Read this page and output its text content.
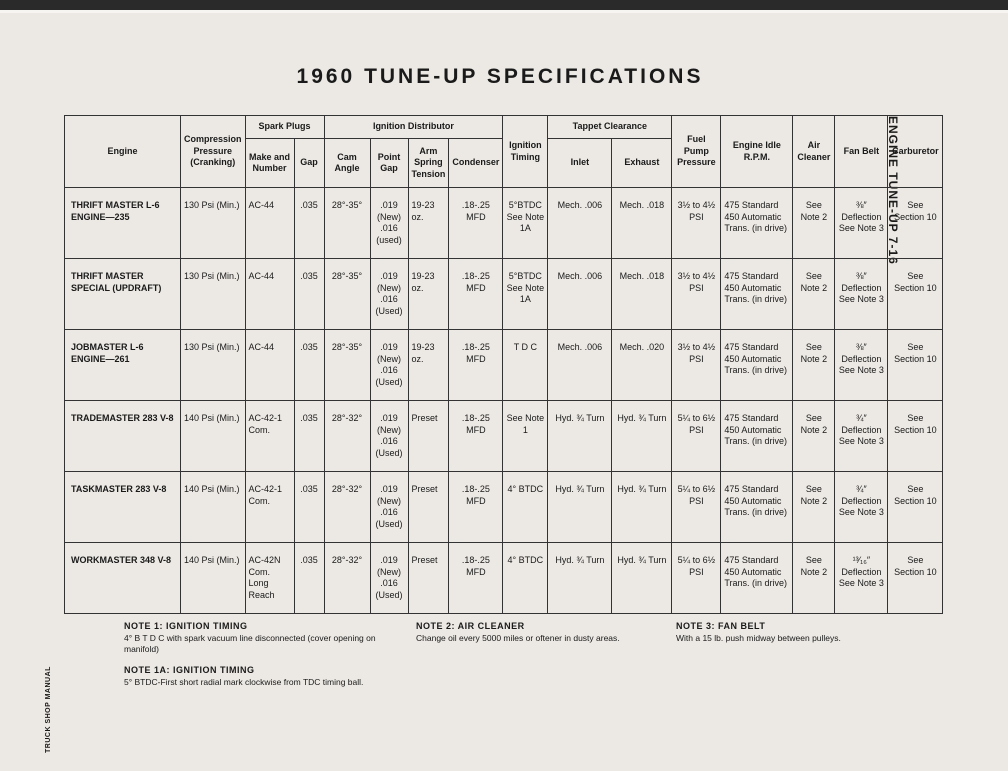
1960 TUNE-UP SPECIFICATIONS
ENGINE TUNE-UP 7-16
TRUCK SHOP MANUAL
Engine	Compression Pressure (Cranking)	Spark Plugs		Ignition Distributor				Ignition Timing	Tappet Clearance		Fuel Pump Pressure	Engine Idle R.P.M.	Air Cleaner	Fan Belt	Carburetor
		Make and Number	Gap	Cam Angle	Point Gap	Arm Spring Tension	Condenser		Inlet	Exhaust					
THRIFT MASTER L-6 ENGINE—235	130 Psi (Min.)	AC-44	.035	28°-35°	.019 (New) .016 (used)	19-23 oz.	.18-.25 MFD	5°BTDC See Note 1A	Mech. .006	Mech. .018	3½ to 4½ PSI	475 Standard 450 Automatic Trans. (in drive)	See Note 2	⅜″ Deflection See Note 3	See Section 10
THRIFT MASTER SPECIAL (UPDRAFT)	130 Psi (Min.)	AC-44	.035	28°-35°	.019 (New) .016 (Used)	19-23 oz.	.18-.25 MFD	5°BTDC See Note 1A	Mech. .006	Mech. .018	3½ to 4½ PSI	475 Standard 450 Automatic Trans. (in drive)	See Note 2	⅜″ Deflection See Note 3	See Section 10
JOBMASTER L-6 ENGINE—261	130 Psi (Min.)	AC-44	.035	28°-35°	.019 (New) .016 (Used)	19-23 oz.	.18-.25 MFD	T D C	Mech. .006	Mech. .020	3½ to 4½ PSI	475 Standard 450 Automatic Trans. (in drive)	See Note 2	⅜″ Deflection See Note 3	See Section 10
TRADEMASTER 283 V-8	140 Psi (Min.)	AC-42-1 Com.	.035	28°-32°	.019 (New) .016 (Used)	Preset	.18-.25 MFD	See Note 1	Hyd. ¾ Turn	Hyd. ¾ Turn	5¼ to 6½ PSI	475 Standard 450 Automatic Trans. (in drive)	See Note 2	¾″ Deflection See Note 3	See Section 10
TASKMASTER 283 V-8	140 Psi (Min.)	AC-42-1 Com.	.035	28°-32°	.019 (New) .016 (Used)	Preset	.18-.25 MFD	4° BTDC	Hyd. ¾ Turn	Hyd. ¾ Turn	5¼ to 6½ PSI	475 Standard 450 Automatic Trans. (in drive)	See Note 2	¾″ Deflection See Note 3	See Section 10
WORKMASTER 348 V-8	140 Psi (Min.)	AC-42N Com. Long Reach	.035	28°-32°	.019 (New) .016 (Used)	Preset	.18-.25 MFD	4° BTDC	Hyd. ¾ Turn	Hyd. ¾ Turn	5¼ to 6½ PSI	475 Standard 450 Automatic Trans. (in drive)	See Note 2	¹³⁄₁₆″ Deflection See Note 3	See Section 10
NOTE 1: IGNITION TIMING
4° B T D C with spark vacuum line disconnected (cover opening on manifold)
NOTE 1A: IGNITION TIMING
5° BTDC-First short radial mark clockwise from TDC timing ball.
NOTE 2: AIR CLEANER
Change oil every 5000 miles or oftener in dusty areas.
NOTE 3: FAN BELT
With a 15 lb. push midway between pulleys.
